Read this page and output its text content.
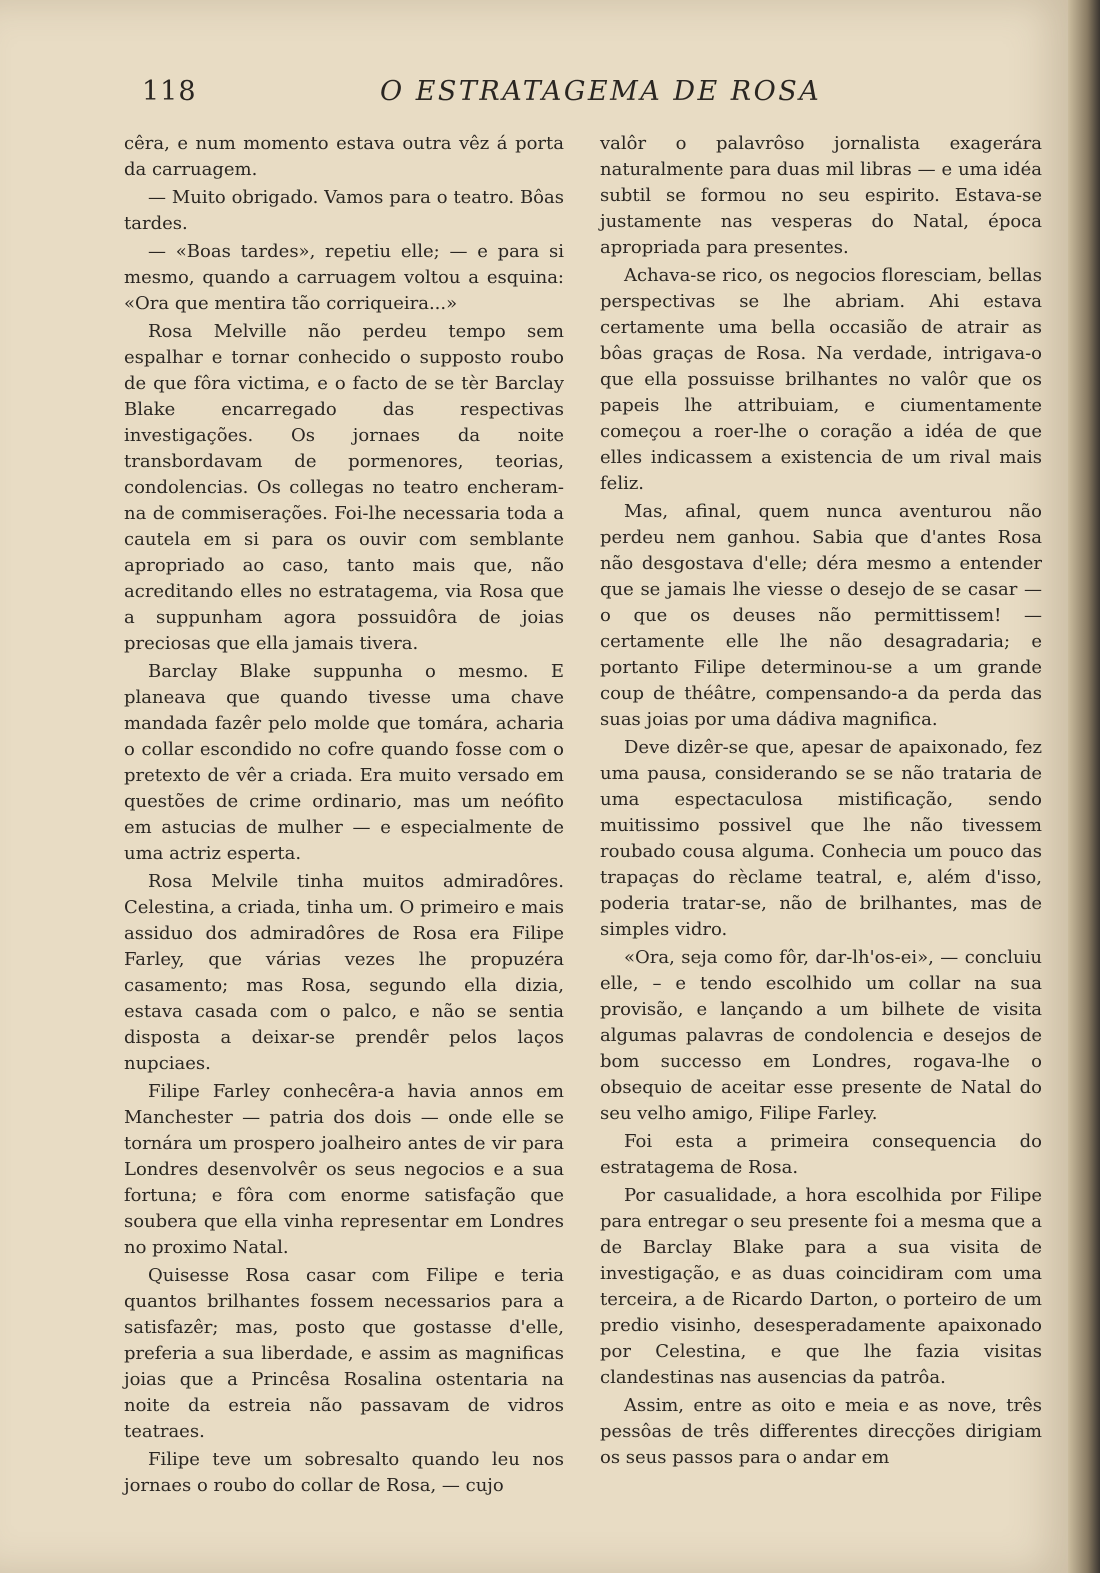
118	O ESTRATAGEMA DE ROSA

cêra, e num momento estava outra vêz á porta da carruagem.

— Muito obrigado. Vamos para o teatro. Bôas tardes.

— «Boas tardes», repetiu elle; — e para si mesmo, quando a carruagem voltou a esquina: «Ora que mentira tão corriqueira...»

Rosa Melville não perdeu tempo sem espalhar e tornar conhecido o supposto roubo de que fôra victima, e o facto de se tèr Barclay Blake encarregado das respectivas investigações. Os jornaes da noite transbordavam de pormenores, teorias, condolencias. Os collegas no teatro encheram-na de commiserações. Foi-lhe necessaria toda a cautela em si para os ouvir com semblante apropriado ao caso, tanto mais que, não acreditando elles no estratagema, via Rosa que a suppunham agora possuidôra de joias preciosas que ella jamais tivera.

Barclay Blake suppunha o mesmo. E planeava que quando tivesse uma chave mandada fazêr pelo molde que tomára, acharia o collar escondido no cofre quando fosse com o pretexto de vêr a criada. Era muito versado em questões de crime ordinario, mas um neófito em astucias de mulher — e especialmente de uma actriz esperta.

Rosa Melvile tinha muitos admiradôres. Celestina, a criada, tinha um. O primeiro e mais assiduo dos admiradôres de Rosa era Filipe Farley, que várias vezes lhe propuzéra casamento; mas Rosa, segundo ella dizia, estava casada com o palco, e não se sentia disposta a deixar-se prendêr pelos laços nupciaes.

Filipe Farley conhecêra-a havia annos em Manchester — patria dos dois — onde elle se tornára um prospero joalheiro antes de vir para Londres desenvolvêr os seus negocios e a sua fortuna; e fôra com enorme satisfação que soubera que ella vinha representar em Londres no proximo Natal.

Quisesse Rosa casar com Filipe e teria quantos brilhantes fossem necessarios para a satisfazêr; mas, posto que gostasse d'elle, preferia a sua liberdade, e assim as magnificas joias que a Princêsa Rosalina ostentaria na noite da estreia não passavam de vidros teatraes.

Filipe teve um sobresalto quando leu nos jornaes o roubo do collar de Rosa, — cujo

valôr o palavrôso jornalista exagerára naturalmente para duas mil libras — e uma idéa subtil se formou no seu espirito. Estava-se justamente nas vesperas do Natal, época apropriada para presentes.

Achava-se rico, os negocios floresciam, bellas perspectivas se lhe abriam. Ahi estava certamente uma bella occasião de atrair as bôas graças de Rosa. Na verdade, intrigava-o que ella possuisse brilhantes no valôr que os papeis lhe attribuiam, e ciumentamente começou a roer-lhe o coração a idéa de que elles indicassem a existencia de um rival mais feliz.

Mas, afinal, quem nunca aventurou não perdeu nem ganhou. Sabia que d'antes Rosa não desgostava d'elle; déra mesmo a entender que se jamais lhe viesse o desejo de se casar — o que os deuses não permittissem! — certamente elle lhe não desagradaria; e portanto Filipe determinou-se a um grande coup de théâtre, compensando-a da perda das suas joias por uma dádiva magnifica.

Deve dizêr-se que, apesar de apaixonado, fez uma pausa, considerando se se não trataria de uma espectaculosa mistificação, sendo muitissimo possivel que lhe não tivessem roubado cousa alguma. Conhecia um pouco das trapaças do rèclame teatral, e, além d'isso, poderia tratar-se, não de brilhantes, mas de simples vidro.

«Ora, seja como fôr, dar-lh'os-ei», — concluiu elle, – e tendo escolhido um collar na sua provisão, e lançando a um bilhete de visita algumas palavras de condolencia e desejos de bom successo em Londres, rogava-lhe o obsequio de aceitar esse presente de Natal do seu velho amigo, Filipe Farley.

Foi esta a primeira consequencia do estratagema de Rosa.

Por casualidade, a hora escolhida por Filipe para entregar o seu presente foi a mesma que a de Barclay Blake para a sua visita de investigação, e as duas coincidiram com uma terceira, a de Ricardo Darton, o porteiro de um predio visinho, desesperadamente apaixonado por Celestina, e que lhe fazia visitas clandestinas nas ausencias da patrôa.

Assim, entre as oito e meia e as nove, três pessôas de três differentes direcções dirigiam os seus passos para o andar em
